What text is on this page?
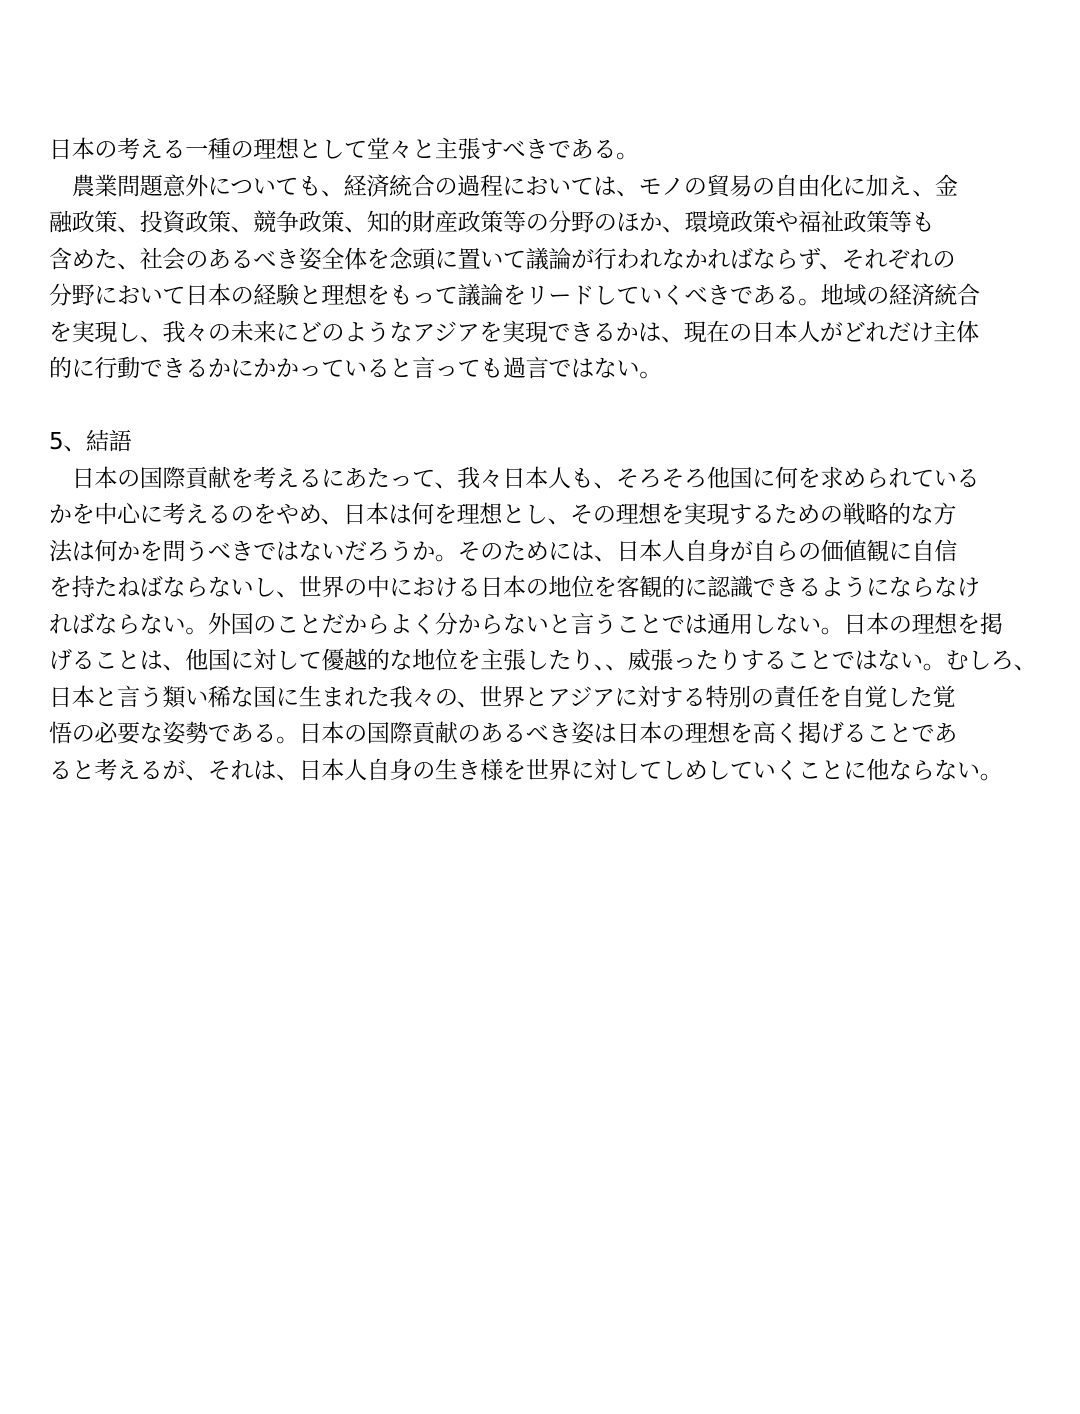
日本の考える一種の理想として堂々と主張すべきである。
　農業問題意外についても、経済統合の過程においては、モノの貿易の自由化に加え、金
融政策、投資政策、競争政策、知的財産政策等の分野のほか、環境政策や福祉政策等も
含めた、社会のあるべき姿全体を念頭に置いて議論が行われなかればならず、それぞれの
分野において日本の経験と理想をもって議論をリードしていくべきである。地域の経済統合
を実現し、我々の未来にどのようなアジアを実現できるかは、現在の日本人がどれだけ主体
的に行動できるかにかかっていると言っても過言ではない。
5、結語
　日本の国際貢献を考えるにあたって、我々日本人も、そろそろ他国に何を求められている
かを中心に考えるのをやめ、日本は何を理想とし、その理想を実現するための戦略的な方
法は何かを問うべきではないだろうか。そのためには、日本人自身が自らの価値観に自信
を持たねばならないし、世界の中における日本の地位を客観的に認識できるようにならなけ
ればならない。外国のことだからよく分からないと言うことでは通用しない。日本の理想を掲
げることは、他国に対して優越的な地位を主張したり、、威張ったりすることではない。むしろ、
日本と言う類い稀な国に生まれた我々の、世界とアジアに対する特別の責任を自覚した覚
悟の必要な姿勢である。日本の国際貢献のあるべき姿は日本の理想を高く掲げることであ
ると考えるが、それは、日本人自身の生き様を世界に対してしめしていくことに他ならない。
